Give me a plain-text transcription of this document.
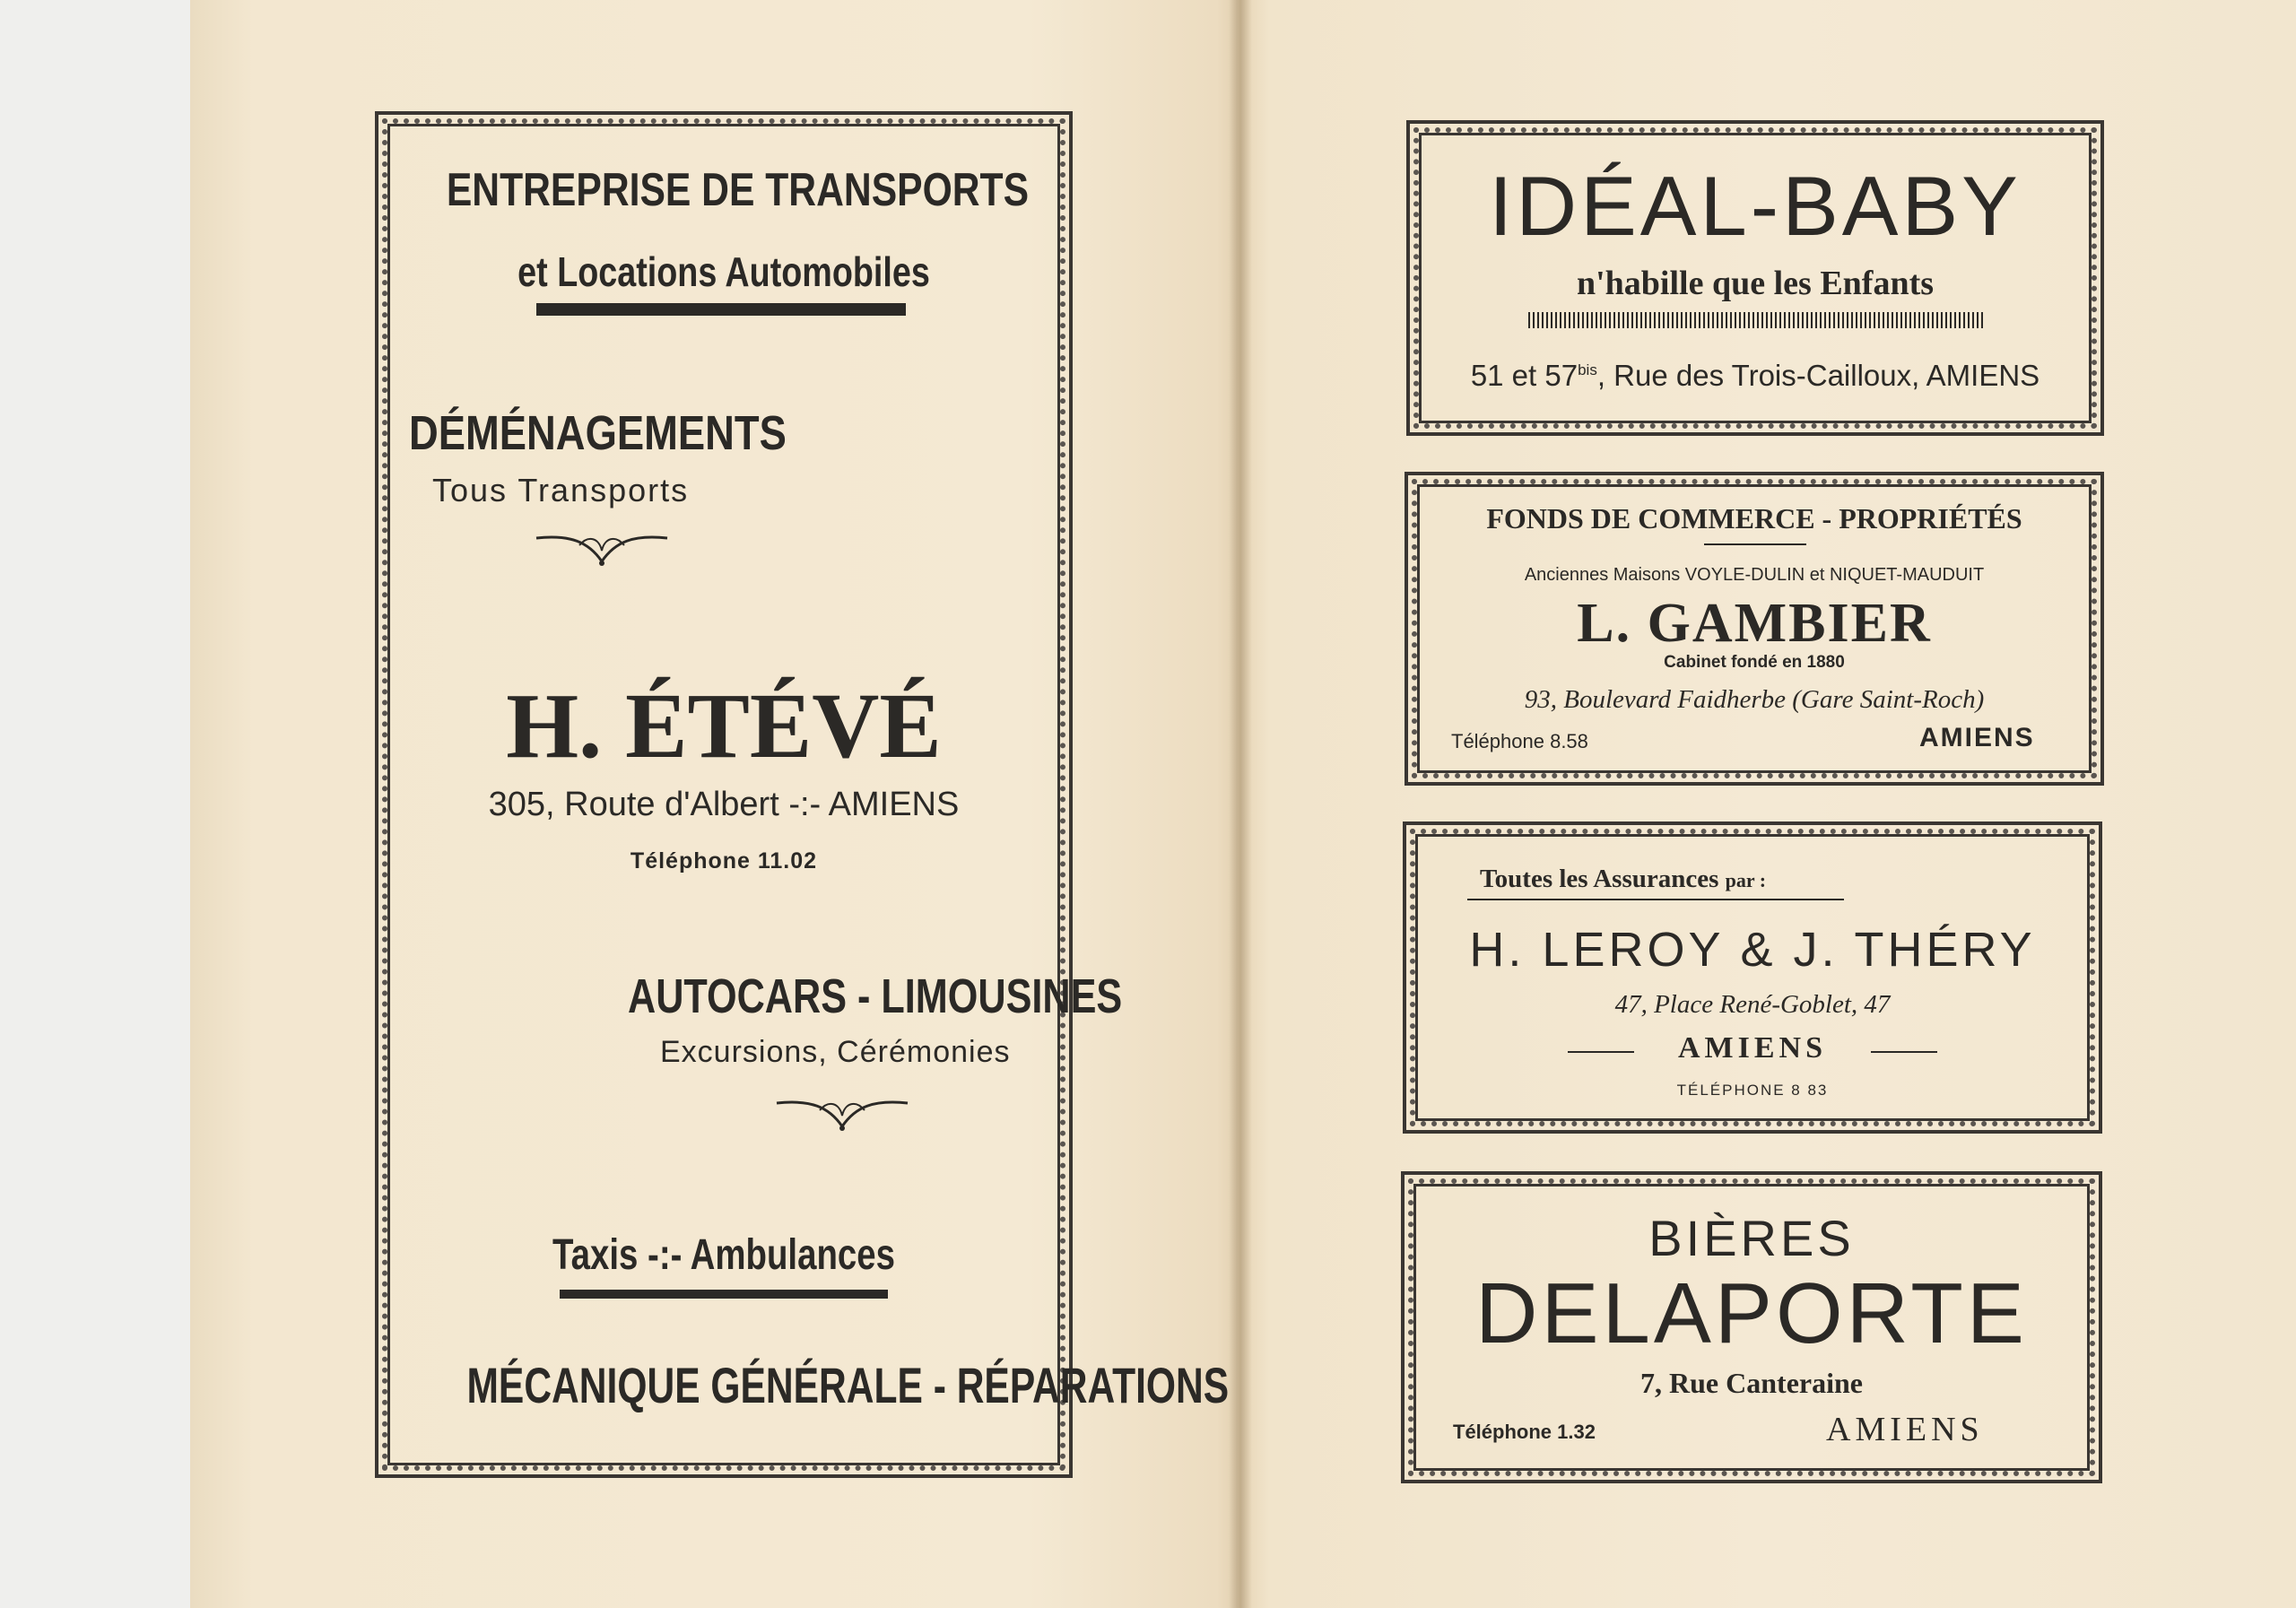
ENTREPRISE DE TRANSPORTS
et Locations Automobiles
DÉMÉNAGEMENTS
Tous Transports
H. ÉTÉVÉ
305, Route d'Albert -:- AMIENS
Téléphone 11.02
AUTOCARS - LIMOUSINES
Excursions, Cérémonies
Taxis -:- Ambulances
MÉCANIQUE GÉNÉRALE - RÉPARATIONS
IDÉAL-BABY
n'habille que les Enfants
51 et $57^{bis}$, Rue des Trois-Cailloux, AMIENS
FONDS DE COMMERCE - PROPRIÉTÉS
Anciennes Maisons VOYLE-DULIN et NIQUET-MAUDUIT
L. GAMBIER
Cabinet fondé en 1880
93, Boulevard Faidherbe (Gare Saint-Roch)
Téléphone 8.58	AMIENS
Toutes les Assurances par :
H. LEROY & J. THÉRY
47, Place René-Goblet, 47
AMIENS
TÉLÉPHONE 8 83
BIÈRES
DELAPORTE
7, Rue Canteraine
Téléphone 1.32	AMIENS
